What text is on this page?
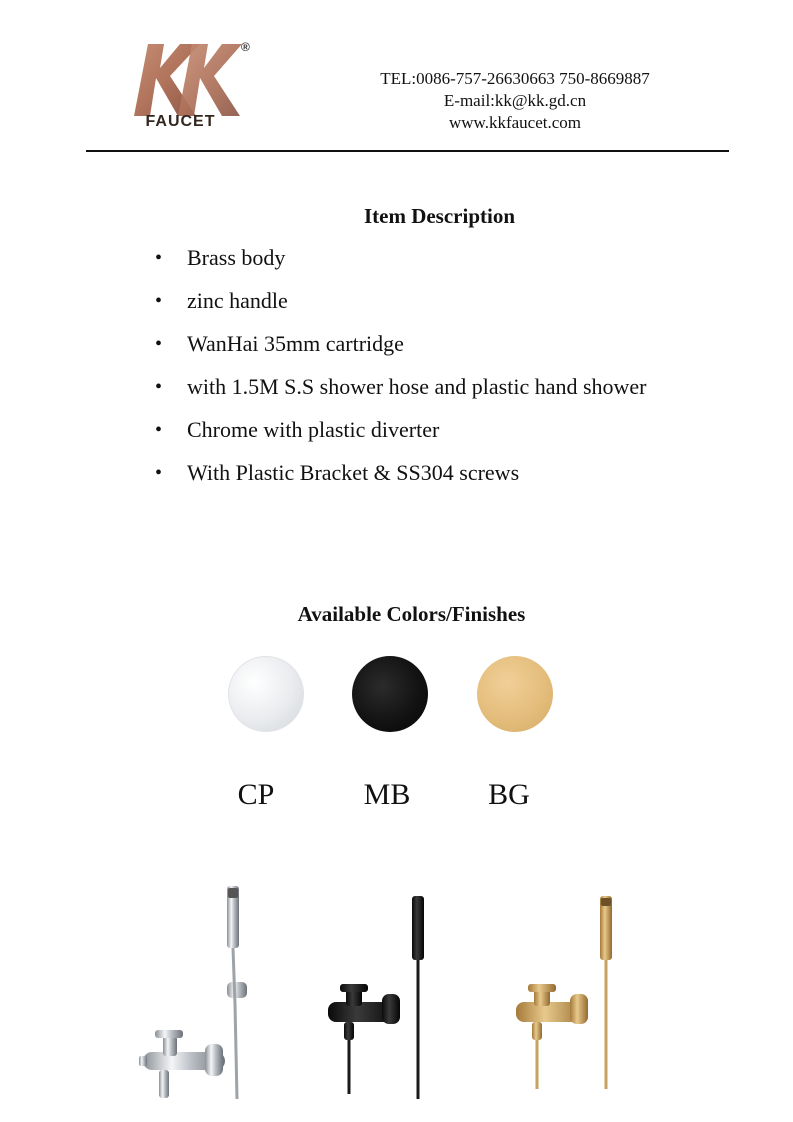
®
FAUCET
TEL:0086-757-26630663 750-8669887
E-mail:kk@kk.gd.cn
www.kkfaucet.com
Item Description
• Brass body
• zinc handle
• WanHai 35mm cartridge
• with 1.5M S.S shower hose and plastic hand shower
• Chrome with plastic diverter
• With Plastic Bracket & SS304 screws
Available Colors/Finishes
CP	MB	BG
